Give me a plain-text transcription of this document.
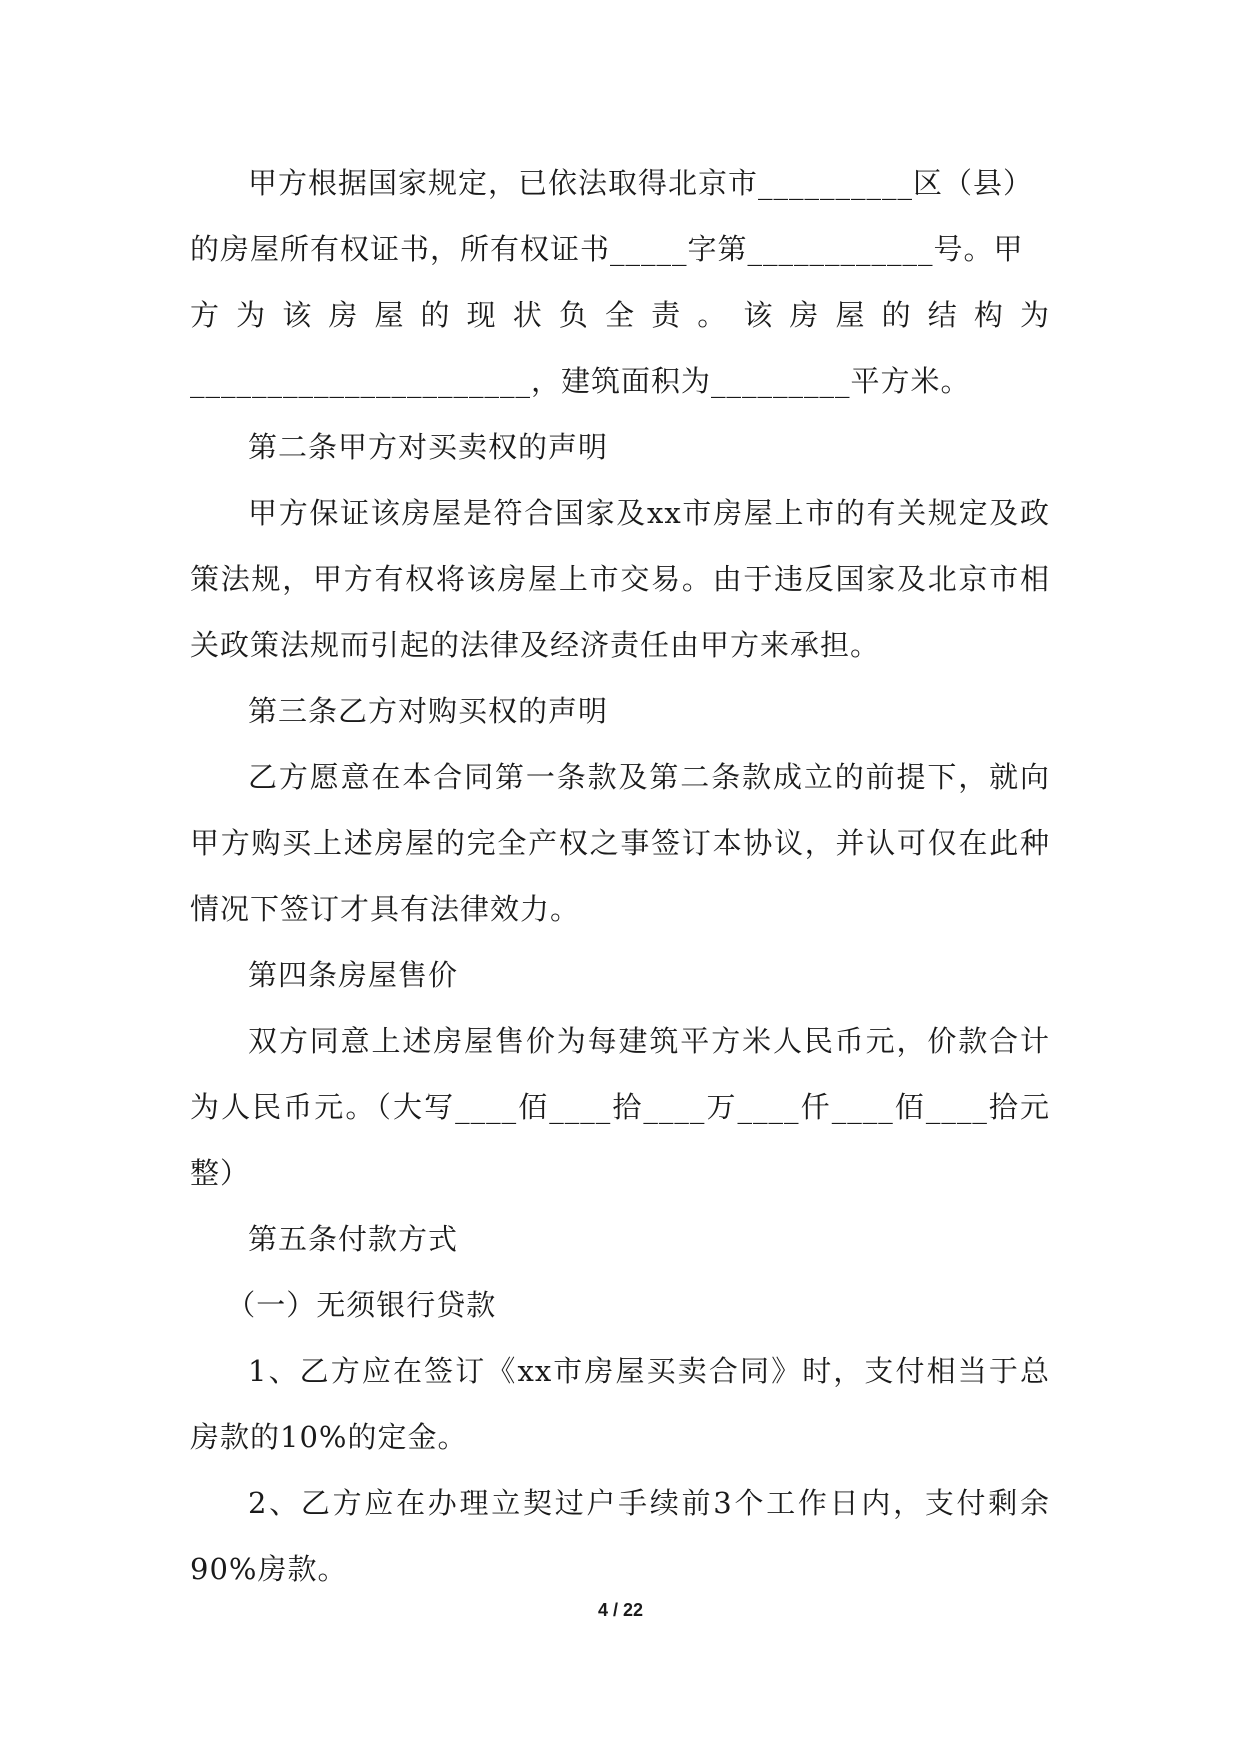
甲方根据国家规定，已依法取得北京市__________区（县）

的房屋所有权证书，所有权证书_____字第____________号。甲

方为该房屋的现状负全责。该房屋的结构为

______________________，建筑面积为_________平方米。

第二条甲方对买卖权的声明

甲方保证该房屋是符合国家及xx市房屋上市的有关规定及政策法规，甲方有权将该房屋上市交易。由于违反国家及北京市相关政策法规而引起的法律及经济责任由甲方来承担。

第三条乙方对购买权的声明

乙方愿意在本合同第一条款及第二条款成立的前提下，就向甲方购买上述房屋的完全产权之事签订本协议，并认可仅在此种情况下签订才具有法律效力。

第四条房屋售价

双方同意上述房屋售价为每建筑平方米人民币元，价款合计为人民币元。（大写____佰____拾____万____仟____佰____拾元整）

第五条付款方式

（一）无须银行贷款

1、乙方应在签订《xx市房屋买卖合同》时，支付相当于总房款的10%的定金。

2、乙方应在办理立契过户手续前3个工作日内，支付剩余90%房款。

4 / 22
